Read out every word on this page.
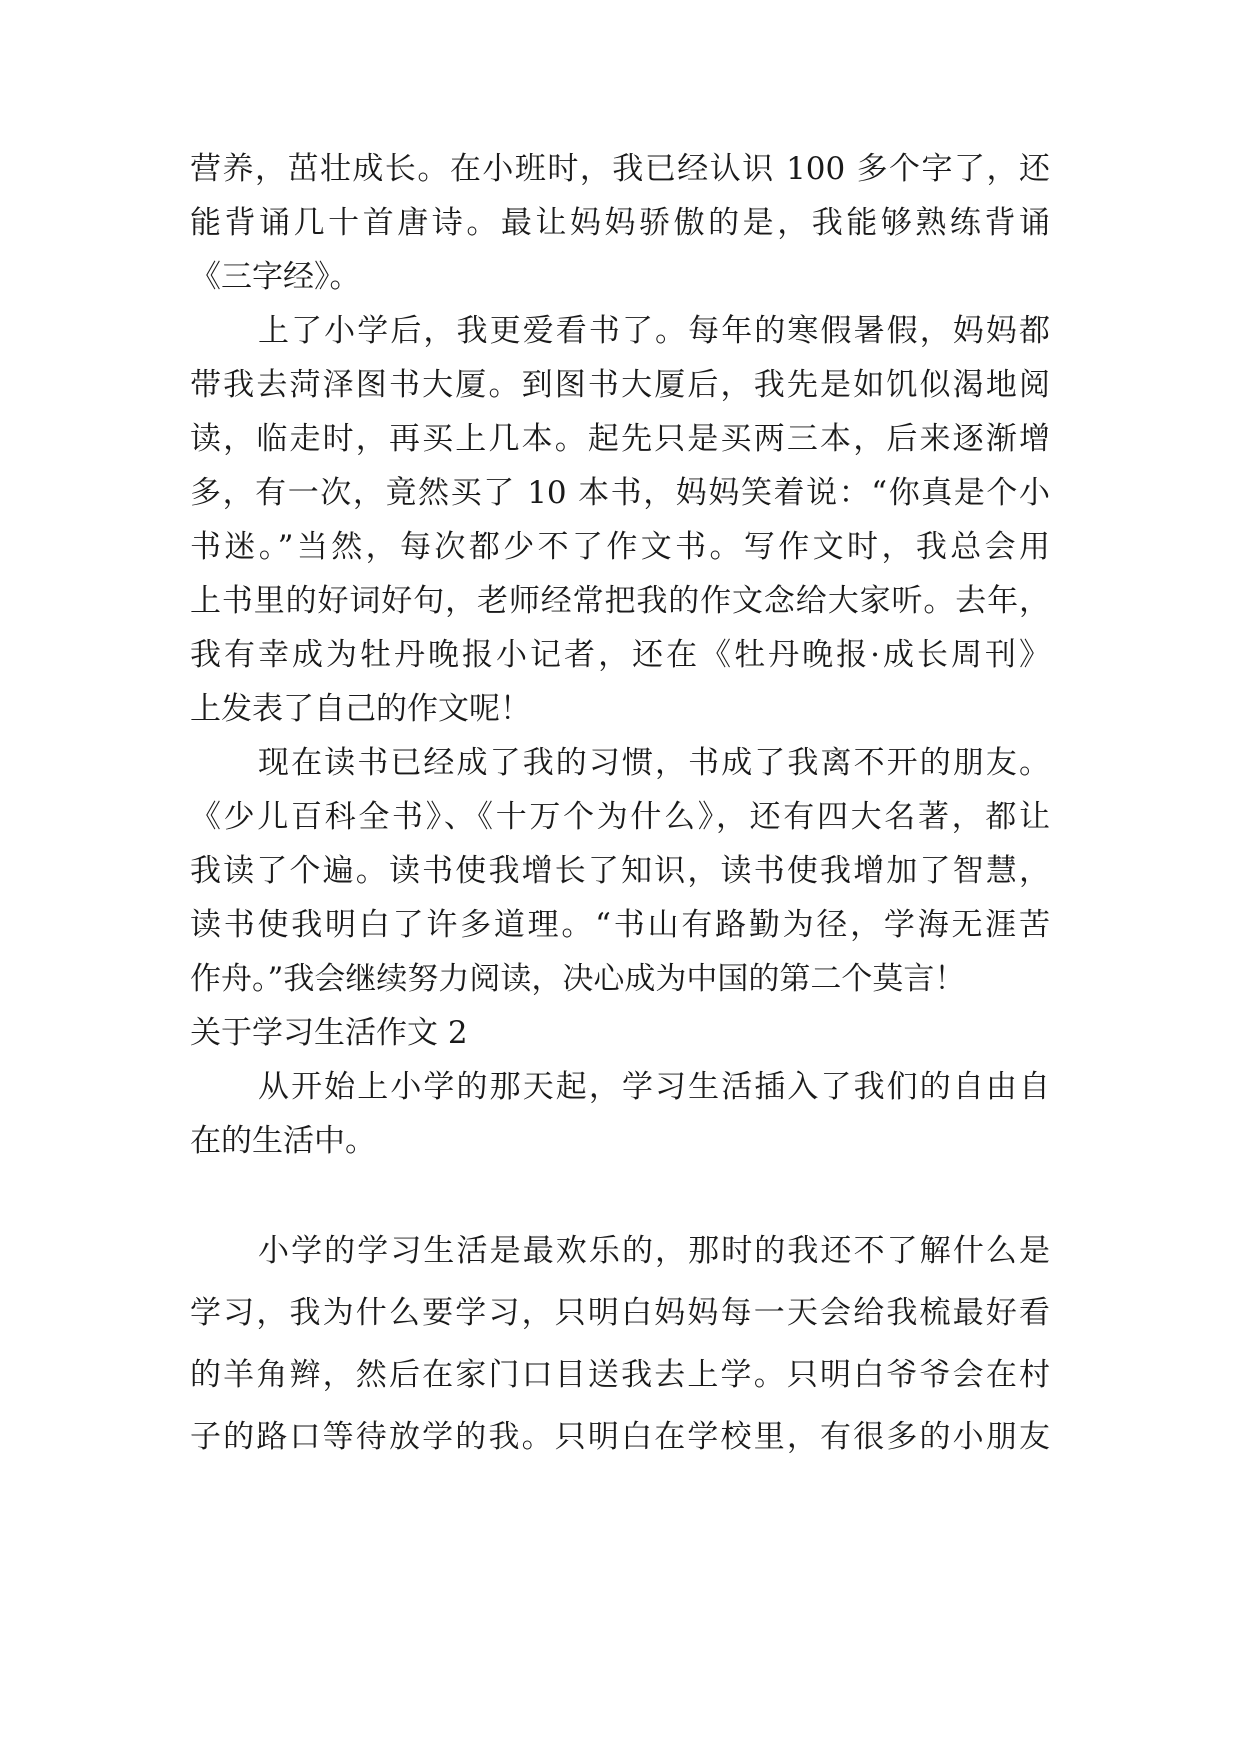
营养，茁壮成长。在小班时，我已经认识 100 多个字了，还
能背诵几十首唐诗。最让妈妈骄傲的是，我能够熟练背诵
《三字经》。
上了小学后，我更爱看书了。每年的寒假暑假，妈妈都
带我去菏泽图书大厦。到图书大厦后，我先是如饥似渴地阅
读，临走时，再买上几本。起先只是买两三本，后来逐渐增
多，有一次，竟然买了 10 本书，妈妈笑着说：“你真是个小
书迷。”当然，每次都少不了作文书。写作文时，我总会用
上书里的好词好句，老师经常把我的作文念给大家听。去年，
我有幸成为牡丹晚报小记者，还在《牡丹晚报·成长周刊》
上发表了自己的作文呢！
现在读书已经成了我的习惯，书成了我离不开的朋友。
《少儿百科全书》、《十万个为什么》，还有四大名著，都让
我读了个遍。读书使我增长了知识，读书使我增加了智慧，
读书使我明白了许多道理。“书山有路勤为径，学海无涯苦
作舟。”我会继续努力阅读，决心成为中国的第二个莫言！
关于学习生活作文 2
从开始上小学的那天起，学习生活插入了我们的自由自
在的生活中。
小学的学习生活是最欢乐的，那时的我还不了解什么是
学习，我为什么要学习，只明白妈妈每一天会给我梳最好看
的羊角辫，然后在家门口目送我去上学。只明白爷爷会在村
子的路口等待放学的我。只明白在学校里，有很多的小朋友
